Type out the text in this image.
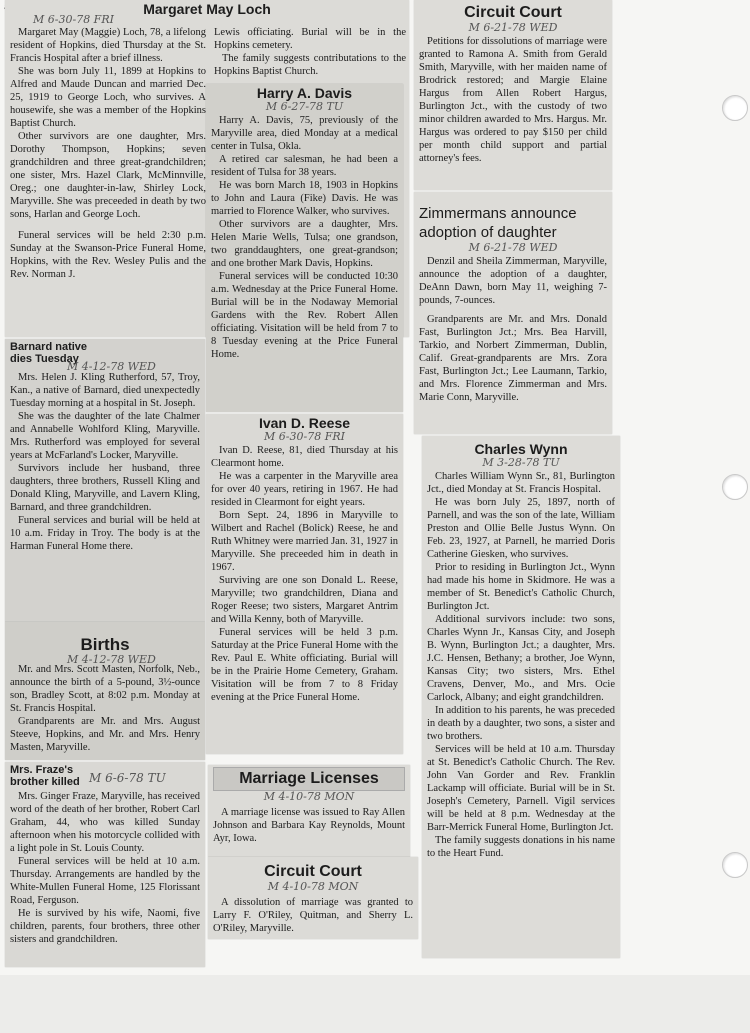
Margaret May Loch
M 6-30-78 FRI

Margaret May (Maggie) Loch, 78, a lifelong resident of Hopkins, died Thursday at the St. Francis Hospital after a brief illness.

She was born July 11, 1899 at Hopkins to Alfred and Maude Duncan and married Dec. 25, 1919 to George Loch, who survives. A housewife, she was a member of the Hopkins Baptist Church.

Other survivors are one daughter, Mrs. Dorothy Thompson, Hopkins; seven grandchildren and three great-grandchildren; one sister, Mrs. Hazel Clark, McMinnville, Oreg.; one daughter-in-law, Shirley Lock, Maryville. She was preceeded in death by two sons, Harlan and George Loch.

Funeral services will be held 2:30 p.m. Sunday at the Swanson-Price Funeral Home, Hopkins, with the Rev. Wesley Pulis and the Rev. Norman J.

Lewis officiating. Burial will be in the Hopkins cemetery.

The family suggests contributations to the Hopkins Baptist Church.

Harry A. Davis
M 6-27-78 TU

Harry A. Davis, 75, previously of the Maryville area, died Monday at a medical center in Tulsa, Okla.

A retired car salesman, he had been a resident of Tulsa for 38 years.

He was born March 18, 1903 in Hopkins to John and Laura (Fike) Davis. He was married to Florence Walker, who survives.

Other survivors are a daughter, Mrs. Helen Marie Wells, Tulsa; one grandson, two granddaughters, one great-grandson; and one brother Mark Davis, Hopkins.

Funeral services will be conducted 10:30 a.m. Wednesday at the Price Funeral Home. Burial will be in the Nodaway Memorial Gardens with the Rev. Robert Allen officiating. Visitation will be held from 7 to 8 Tuesday evening at the Price Funeral Home.

Barnard native
dies Tuesday
M 4-12-78 WED

Mrs. Helen J. Kling Rutherford, 57, Troy, Kan., a native of Barnard, died unexpectedly Tuesday morning at a hospital in St. Joseph.

She was the daughter of the late Chalmer and Annabelle Wohlford Kling, Maryville. Mrs. Rutherford was employed for several years at McFarland's Locker, Maryville.

Survivors include her husband, three daughters, three brothers, Russell Kling and Donald Kling, Maryville, and Lavern Kling, Barnard, and three grandchildren.

Funeral services and burial will be held at 10 a.m. Friday in Troy. The body is at the Harman Funeral Home there.

Births
M 4-12-78 WED

Mr. and Mrs. Scott Masten, Norfolk, Neb., announce the birth of a 5-pound, 3½-ounce son, Bradley Scott, at 8:02 p.m. Monday at St. Francis Hospital.

Grandparents are Mr. and Mrs. August Steeve, Hopkins, and Mr. and Mrs. Henry Masten, Maryville.

Mrs. Fraze's
brother killed M 6-6-78 TU

Mrs. Ginger Fraze, Maryville, has received word of the death of her brother, Robert Carl Graham, 44, who was killed Sunday afternoon when his motorcycle collided with a light pole in St. Louis County.

Funeral services will be held at 10 a.m. Thursday. Arrangements are handled by the White-Mullen Funeral Home, 125 Florissant Road, Ferguson.

He is survived by his wife, Naomi, five children, parents, four brothers, three other sisters and grandchildren.

Ivan D. Reese
M 6-30-78 FRI

Ivan D. Reese, 81, died Thursday at his Clearmont home.

He was a carpenter in the Maryville area for over 40 years, retiring in 1967. He had resided in Clearmont for eight years.

Born Sept. 24, 1896 in Maryville to Wilbert and Rachel (Bolick) Reese, he and Ruth Whitney were married Jan. 31, 1927 in Maryville. She preceeded him in death in 1967.

Surviving are one son Donald L. Reese, Maryville; two grandchildren, Diana and Roger Reese; two sisters, Margaret Antrim and Willa Kenny, both of Maryville.

Funeral services will be held 3 p.m. Saturday at the Price Funeral Home with the Rev. Paul E. White officiating. Burial will be in the Prairie Home Cemetery, Graham. Visitation will be from 7 to 8 Friday evening at the Price Funeral Home.

Marriage Licenses
M 4-10-78 MON

A marriage license was issued to Ray Allen Johnson and Barbara Kay Reynolds, Mount Ayr, Iowa.

Circuit Court
M 4-10-78 MON

A dissolution of marriage was granted to Larry F. O'Riley, Quitman, and Sherry L. O'Riley, Maryville.

Circuit Court
M 6-21-78 WED

Petitions for dissolutions of marriage were granted to Ramona A. Smith from Gerald Smith, Maryville, with her maiden name of Brodrick restored; and Margie Elaine Hargus from Allen Robert Hargus, Burlington Jct., with the custody of two minor children awarded to Mrs. Hargus. Mr. Hargus was ordered to pay $150 per child per month child support and partial attorney's fees.

Zimmermans announce adoption of daughter
M 6-21-78 WED

Denzil and Sheila Zimmerman, Maryville, announce the adoption of a daughter, DeAnn Dawn, born May 11, weighing 7-pounds, 7-ounces.

Grandparents are Mr. and Mrs. Donald Fast, Burlington Jct.; Mrs. Bea Harvill, Tarkio, and Norbert Zimmerman, Dublin, Calif. Great-grandparents are Mrs. Zora Fast, Burlington Jct.; Lee Laumann, Tarkio, and Mrs. Florence Zimmerman and Mrs. Marie Conn, Maryville.

Charles Wynn
M 3-28-78 TU

Charles William Wynn Sr., 81, Burlington Jct., died Monday at St. Francis Hospital.

He was born July 25, 1897, north of Parnell, and was the son of the late, William Preston and Ollie Belle Justus Wynn. On Feb. 23, 1927, at Parnell, he married Doris Catherine Giesken, who survives.

Prior to residing in Burlington Jct., Wynn had made his home in Skidmore. He was a member of St. Benedict's Catholic Church, Burlington Jct.

Additional survivors include: two sons, Charles Wynn Jr., Kansas City, and Joseph B. Wynn, Burlington Jct.; a daughter, Mrs. J.C. Hensen, Bethany; a brother, Joe Wynn, Kansas City; two sisters, Mrs. Ethel Cravens, Denver, Mo., and Mrs. Ocie Carlock, Albany; and eight grandchildren.

In addition to his parents, he was preceded in death by a daughter, two sons, a sister and two brothers.

Services will be held at 10 a.m. Thursday at St. Benedict's Catholic Church. The Rev. John Van Gorder and Rev. Franklin Lackamp will officiate. Burial will be in St. Joseph's Cemetery, Parnell. Vigil services will be held at 8 p.m. Wednesday at the Barr-Merrick Funeral Home, Burlington Jct.

The family suggests donations in his name to the Heart Fund.
